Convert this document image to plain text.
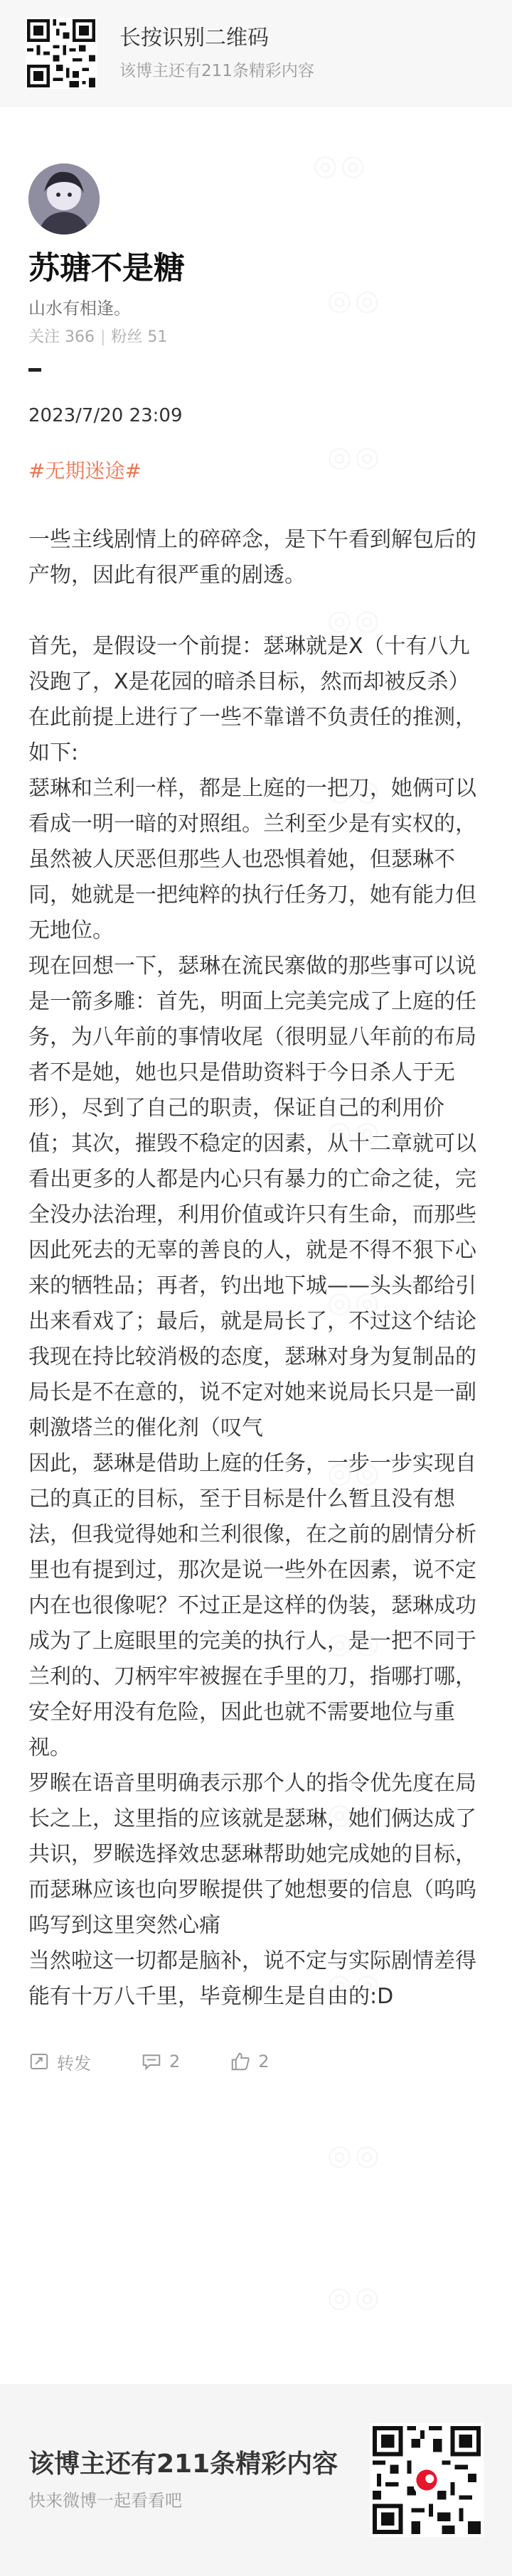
长按识别二维码
该博主还有211条精彩内容
苏瑭不是糖
山水有相逢。
关注 366 | 粉丝 51
2023/7/20 23:09
#无期迷途#

一些主线剧情上的碎碎念，是下午看到解包后的产物，因此有很严重的剧透。

首先，是假设一个前提：瑟琳就是X（十有八九没跑了，X是花园的暗杀目标，然而却被反杀）在此前提上进行了一些不靠谱不负责任的推测，如下:

瑟琳和兰利一样，都是上庭的一把刀，她俩可以看成一明一暗的对照组。兰利至少是有实权的，虽然被人厌恶但那些人也恐惧着她，但瑟琳不同，她就是一把纯粹的执行任务刀，她有能力但无地位。

现在回想一下，瑟琳在流民寨做的那些事可以说是一箭多雕：首先，明面上完美完成了上庭的任务，为八年前的事情收尾（很明显八年前的布局者不是她，她也只是借助资料于今日杀人于无形），尽到了自己的职责，保证自己的利用价值；其次，摧毁不稳定的因素，从十二章就可以看出更多的人都是内心只有暴力的亡命之徒，完全没办法治理，利用价值或许只有生命，而那些因此死去的无辜的善良的人，就是不得不狠下心来的牺牲品；再者，钓出地下城——头头都给引出来看戏了；最后，就是局长了，不过这个结论我现在持比较消极的态度，瑟琳对身为复制品的局长是不在意的，说不定对她来说局长只是一副刺激塔兰的催化剂（叹气

因此，瑟琳是借助上庭的任务，一步一步实现自己的真正的目标，至于目标是什么暂且没有想法，但我觉得她和兰利很像，在之前的剧情分析里也有提到过，那次是说一些外在因素，说不定内在也很像呢？不过正是这样的伪装，瑟琳成功成为了上庭眼里的完美的执行人，是一把不同于兰利的、刀柄牢牢被握在手里的刀，指哪打哪，安全好用没有危险，因此也就不需要地位与重视。

罗睺在语音里明确表示那个人的指令优先度在局长之上，这里指的应该就是瑟琳，她们俩达成了共识，罗睺选择效忠瑟琳帮助她完成她的目标，而瑟琳应该也向罗睺提供了她想要的信息（呜呜呜写到这里突然心痛

当然啦这一切都是脑补，说不定与实际剧情差得能有十万八千里，毕竟柳生是自由的:D

转发	2	2
该博主还有211条精彩内容
快来微博一起看看吧
